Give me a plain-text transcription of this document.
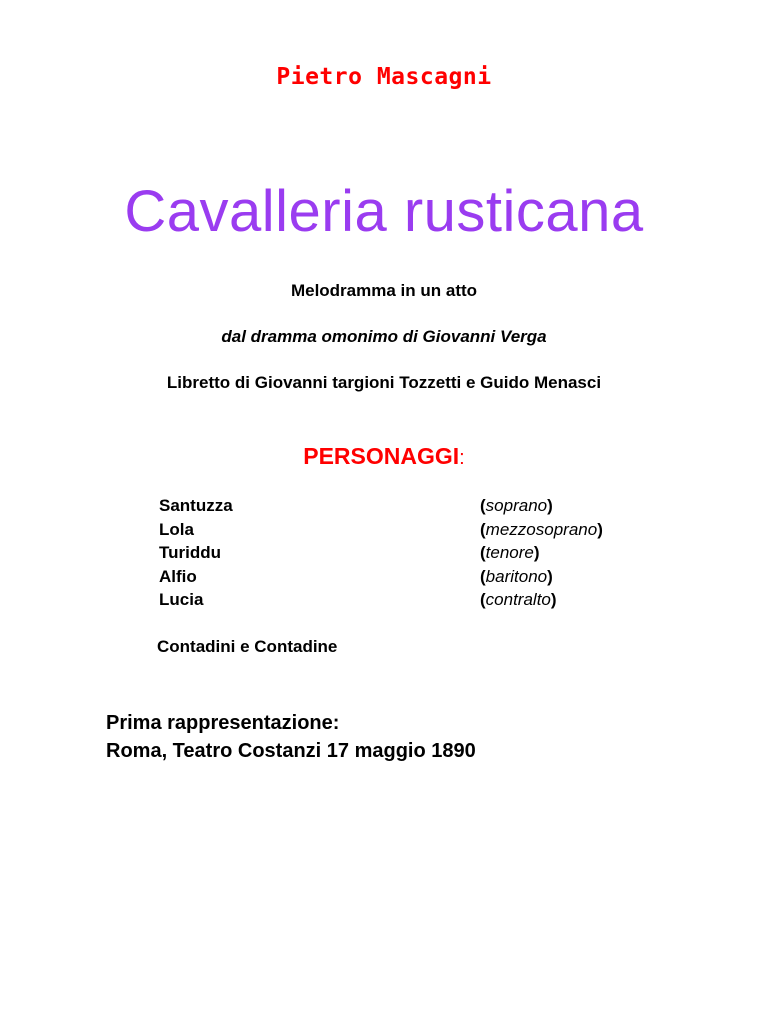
Pietro Mascagni
Cavalleria rusticana
Melodramma in un atto
dal dramma omonimo di Giovanni Verga
Libretto di Giovanni targioni Tozzetti e Guido Menasci
PERSONAGGI:
Santuzza	(soprano)
Lola	(mezzosoprano)
Turiddu	(tenore)
Alfio	(baritono)
Lucia	(contralto)
Contadini e Contadine
Prima rappresentazione:
Roma, Teatro Costanzi 17 maggio 1890
